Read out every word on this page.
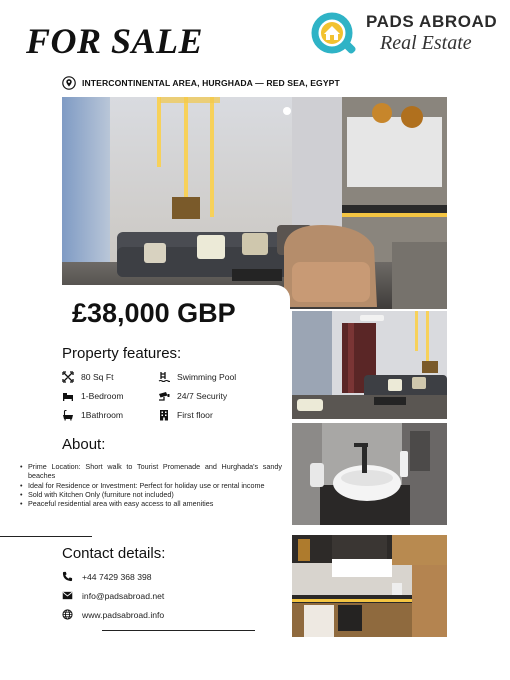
FOR SALE	PADS ABROAD
Real Estate
INTERCONTINENTAL AREA, HURGHADA — RED SEA, EGYPT
£38,000 GBP
Property features:
80 Sq Ft	Swimming Pool
1-Bedroom	24/7 Security
1Bathroom	First floor
About:
• Prime Location: Short walk to Tourist Promenade and Hurghada's sandy beaches
• Ideal for Residence or Investment: Perfect for holiday use or rental income
• Sold with Kitchen Only (furniture not included)
• Peaceful residential area with easy access to all amenities
Contact details:
+44 7429 368 398
info@padsabroad.net
www.padsabroad.info
